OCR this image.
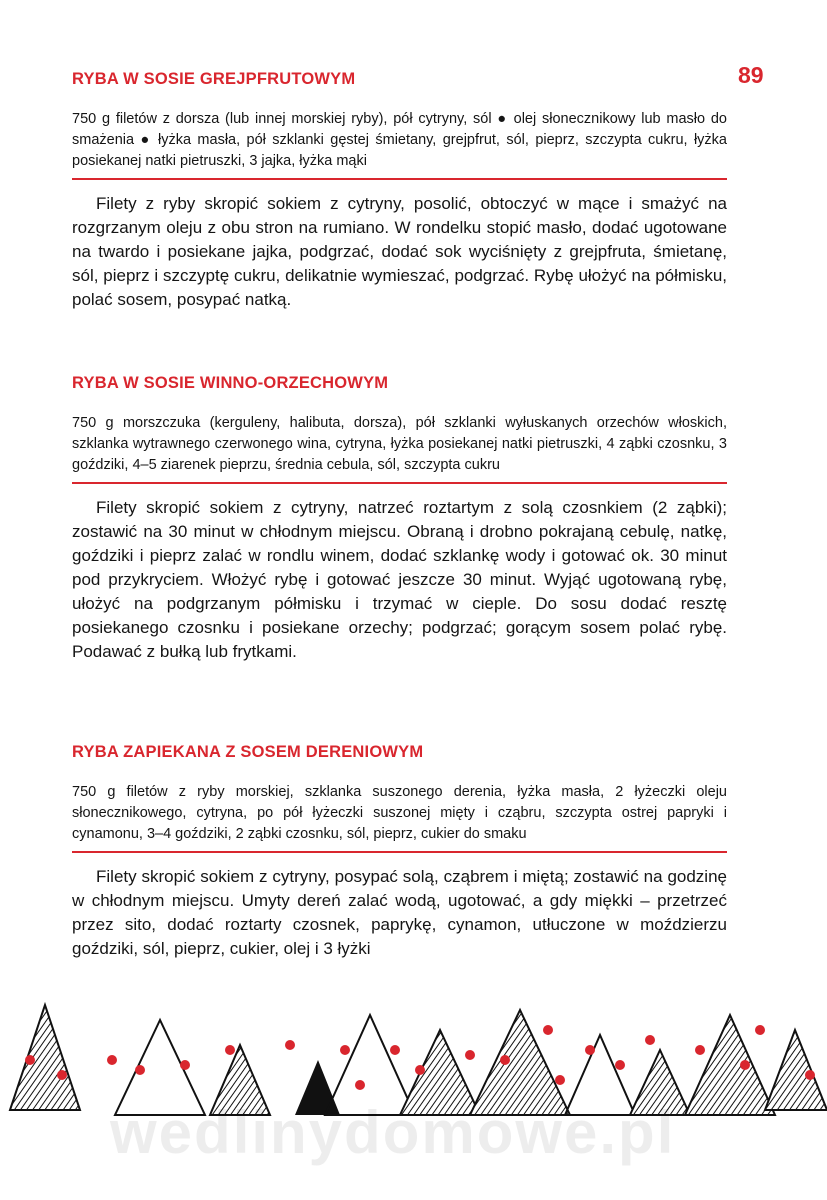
89
RYBA W SOSIE GREJPFRUTOWYM

750 g filetów z dorsza (lub innej morskiej ryby), pół cytryny, sól ● olej słonecznikowy lub masło do smażenia ● łyżka masła, pół szklanki gęstej śmietany, grejpfrut, sól, pieprz, szczypta cukru, łyżka posiekanej natki pietruszki, 3 jajka, łyżka mąki

Filety z ryby skropić sokiem z cytryny, posolić, obtoczyć w mące i smażyć na rozgrzanym oleju z obu stron na rumiano. W rondelku stopić masło, dodać ugotowane na twardo i posiekane jajka, podgrzać, dodać sok wyciśnięty z grejpfruta, śmietanę, sól, pieprz i szczyptę cukru, delikatnie wymieszać, podgrzać. Rybę ułożyć na półmisku, polać sosem, posypać natką.

RYBA W SOSIE WINNO-ORZECHOWYM

750 g morszczuka (kerguleny, halibuta, dorsza), pół szklanki wyłuskanych orzechów włoskich, szklanka wytrawnego czerwonego wina, cytryna, łyżka posiekanej natki pietruszki, 4 ząbki czosnku, 3 goździki, 4–5 ziarenek pieprzu, średnia cebula, sól, szczypta cukru

Filety skropić sokiem z cytryny, natrzeć roztartym z solą czosnkiem (2 ząbki); zostawić na 30 minut w chłodnym miejscu. Obraną i drobno pokrajaną cebulę, natkę, goździki i pieprz zalać w rondlu winem, dodać szklankę wody i gotować ok. 30 minut pod przykryciem. Włożyć rybę i gotować jeszcze 30 minut. Wyjąć ugotowaną rybę, ułożyć na podgrzanym półmisku i trzymać w cieple. Do sosu dodać resztę posiekanego czosnku i posiekane orzechy; podgrzać; gorącym sosem polać rybę. Podawać z bułką lub frytkami.

RYBA ZAPIEKANA Z SOSEM DERENIOWYM

750 g filetów z ryby morskiej, szklanka suszonego derenia, łyżka masła, 2 łyżeczki oleju słonecznikowego, cytryna, po pół łyżeczki suszonej mięty i cząbru, szczypta ostrej papryki i cynamonu, 3–4 goździki, 2 ząbki czosnku, sól, pieprz, cukier do smaku

Filety skropić sokiem z cytryny, posypać solą, cząbrem i miętą; zostawić na godzinę w chłodnym miejscu. Umyty dereń zalać wodą, ugotować, a gdy miękki – przetrzeć przez sito, dodać roztarty czosnek, paprykę, cynamon, utłuczone w moździerzu goździki, sól, pieprz, cukier, olej i 3 łyżki

wedlinydomowe.pl
